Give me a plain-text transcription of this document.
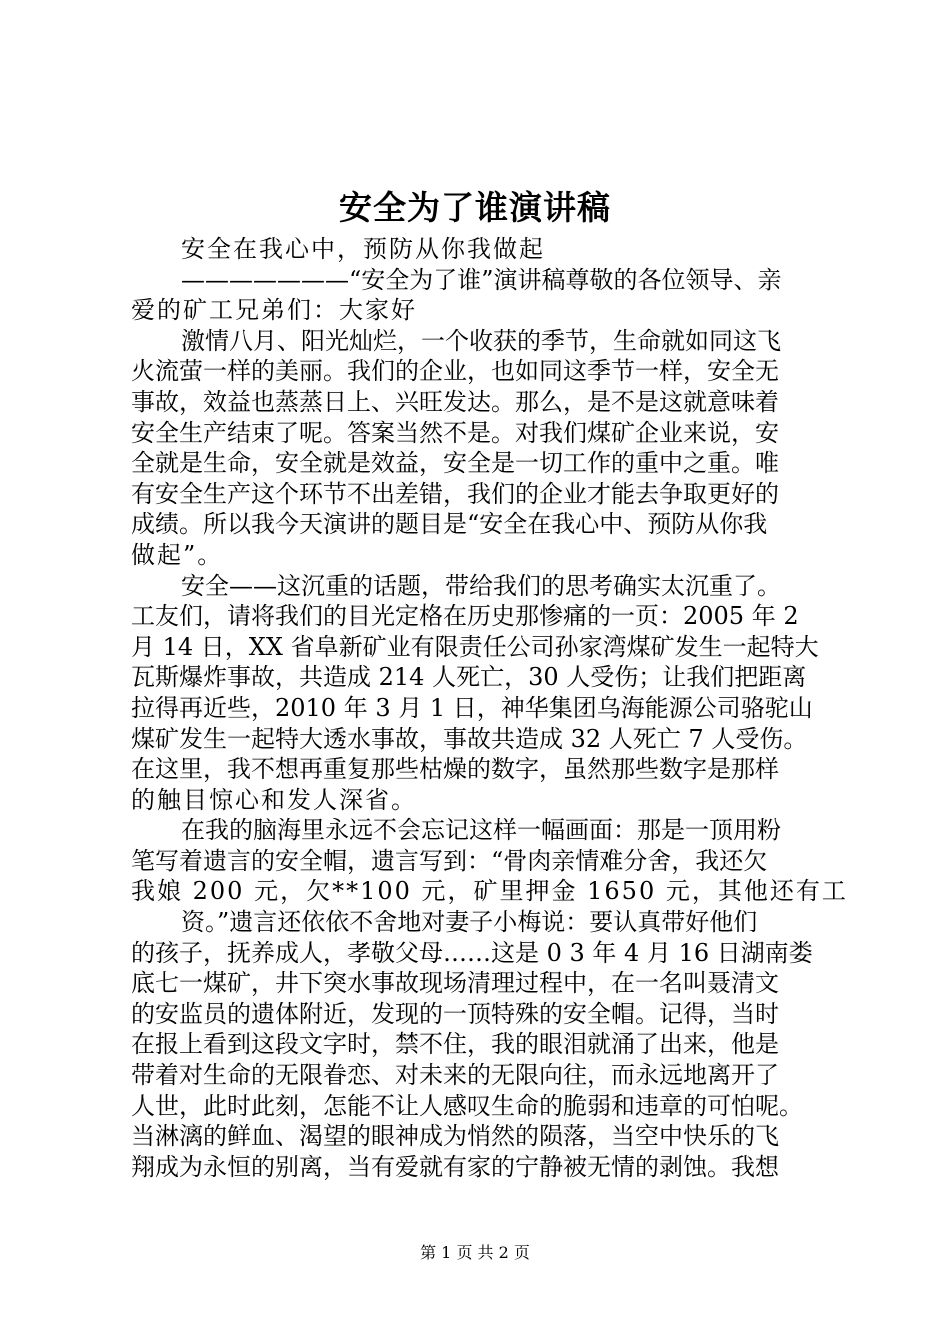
安全为了谁演讲稿
安全在我心中，预防从你我做起
———————“安全为了谁”演讲稿尊敬的各位领导、亲
爱的矿工兄弟们：大家好
激情八月、阳光灿烂，一个收获的季节，生命就如同这飞
火流萤一样的美丽。我们的企业，也如同这季节一样，安全无
事故，效益也蒸蒸日上、兴旺发达。那么，是不是这就意味着
安全生产结束了呢。答案当然不是。对我们煤矿企业来说，安
全就是生命，安全就是效益，安全是一切工作的重中之重。唯
有安全生产这个环节不出差错，我们的企业才能去争取更好的
成绩。所以我今天演讲的题目是“安全在我心中、预防从你我
做起”。
安全——这沉重的话题，带给我们的思考确实太沉重了。
工友们，请将我们的目光定格在历史那惨痛的一页：2005 年 2
月 14 日，XX 省阜新矿业有限责任公司孙家湾煤矿发生一起特大
瓦斯爆炸事故，共造成 214 人死亡，30 人受伤；让我们把距离
拉得再近些，2010 年 3 月 1 日，神华集团乌海能源公司骆驼山
煤矿发生一起特大透水事故，事故共造成 32 人死亡 7 人受伤。
在这里，我不想再重复那些枯燥的数字，虽然那些数字是那样
的触目惊心和发人深省。
在我的脑海里永远不会忘记这样一幅画面：那是一顶用粉
笔写着遗言的安全帽，遗言写到：“骨肉亲情难分舍，我还欠
我娘 200 元，欠**100 元，矿里押金 1650 元，其他还有工
资。”遗言还依依不舍地对妻子小梅说：要认真带好他们
的孩子，抚养成人，孝敬父母……这是 0 3 年 4 月 16 日湖南娄
底七一煤矿，井下突水事故现场清理过程中，在一名叫聂清文
的安监员的遗体附近，发现的一顶特殊的安全帽。记得，当时
在报上看到这段文字时，禁不住，我的眼泪就涌了出来，他是
带着对生命的无限眷恋、对未来的无限向往，而永远地离开了
人世，此时此刻，怎能不让人感叹生命的脆弱和违章的可怕呢。
当淋漓的鲜血、渴望的眼神成为悄然的陨落，当空中快乐的飞
翔成为永恒的别离，当有爱就有家的宁静被无情的剥蚀。我想
第 1 页 共 2 页
